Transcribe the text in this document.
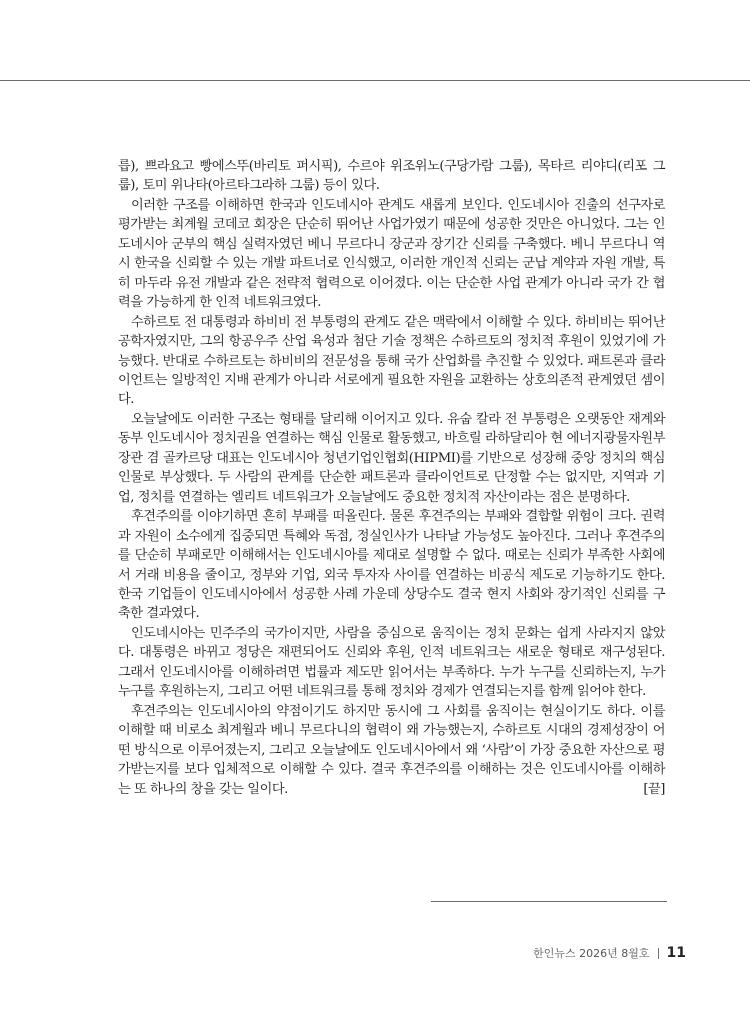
릅), 쁘라요고 빵에스뚜(바리토 퍼시픽), 수르야 위조위노(구당가람 그룹), 목타르 리야디(리포 그룹), 토미 위나타(아르타그라하 그룹) 등이 있다.

이러한 구조를 이해하면 한국과 인도네시아 관계도 새롭게 보인다. 인도네시아 진출의 선구자로 평가받는 최계월 코데코 회장은 단순히 뛰어난 사업가였기 때문에 성공한 것만은 아니었다. 그는 인도네시아 군부의 핵심 실력자였던 베니 무르다니 장군과 장기간 신뢰를 구축했다. 베니 무르다니 역시 한국을 신뢰할 수 있는 개발 파트너로 인식했고, 이러한 개인적 신뢰는 군납 계약과 자원 개발, 특히 마두라 유전 개발과 같은 전략적 협력으로 이어졌다. 이는 단순한 사업 관계가 아니라 국가 간 협력을 가능하게 한 인적 네트워크였다.

수하르토 전 대통령과 하비비 전 부통령의 관계도 같은 맥락에서 이해할 수 있다. 하비비는 뛰어난 공학자였지만, 그의 항공우주 산업 육성과 첨단 기술 정책은 수하르토의 정치적 후원이 있었기에 가능했다. 반대로 수하르토는 하비비의 전문성을 통해 국가 산업화를 추진할 수 있었다. 패트론과 클라이언트는 일방적인 지배 관계가 아니라 서로에게 필요한 자원을 교환하는 상호의존적 관계였던 셈이다.

오늘날에도 이러한 구조는 형태를 달리해 이어지고 있다. 유숩 칼라 전 부통령은 오랫동안 재계와 동부 인도네시아 정치권을 연결하는 핵심 인물로 활동했고, 바흐릴 라하달리아 현 에너지광물자원부 장관 겸 골카르당 대표는 인도네시아 청년기업인협회(HIPMI)를 기반으로 성장해 중앙 정치의 핵심 인물로 부상했다. 두 사람의 관계를 단순한 패트론과 클라이언트로 단정할 수는 없지만, 지역과 기업, 정치를 연결하는 엘리트 네트워크가 오늘날에도 중요한 정치적 자산이라는 점은 분명하다.

후견주의를 이야기하면 흔히 부패를 떠올린다. 물론 후견주의는 부패와 결합할 위험이 크다. 권력과 자원이 소수에게 집중되면 특혜와 독점, 정실인사가 나타날 가능성도 높아진다. 그러나 후견주의를 단순히 부패로만 이해해서는 인도네시아를 제대로 설명할 수 없다. 때로는 신뢰가 부족한 사회에서 거래 비용을 줄이고, 정부와 기업, 외국 투자자 사이를 연결하는 비공식 제도로 기능하기도 한다. 한국 기업들이 인도네시아에서 성공한 사례 가운데 상당수도 결국 현지 사회와 장기적인 신뢰를 구축한 결과였다.

인도네시아는 민주주의 국가이지만, 사람을 중심으로 움직이는 정치 문화는 쉽게 사라지지 않았다. 대통령은 바뀌고 정당은 재편되어도 신뢰와 후원, 인적 네트워크는 새로운 형태로 재구성된다. 그래서 인도네시아를 이해하려면 법률과 제도만 읽어서는 부족하다. 누가 누구를 신뢰하는지, 누가 누구를 후원하는지, 그리고 어떤 네트워크를 통해 정치와 경제가 연결되는지를 함께 읽어야 한다.

후견주의는 인도네시아의 약점이기도 하지만 동시에 그 사회를 움직이는 현실이기도 하다. 이를 이해할 때 비로소 최계월과 베니 무르다니의 협력이 왜 가능했는지, 수하르토 시대의 경제성장이 어떤 방식으로 이루어졌는지, 그리고 오늘날에도 인도네시아에서 왜 ‘사람’이 가장 중요한 자산으로 평가받는지를 보다 입체적으로 이해할 수 있다. 결국 후견주의를 이해하는 것은 인도네시아를 이해하는 또 하나의 창을 갖는 일이다.	[끝]

한인뉴스 2026년 8월호 11
